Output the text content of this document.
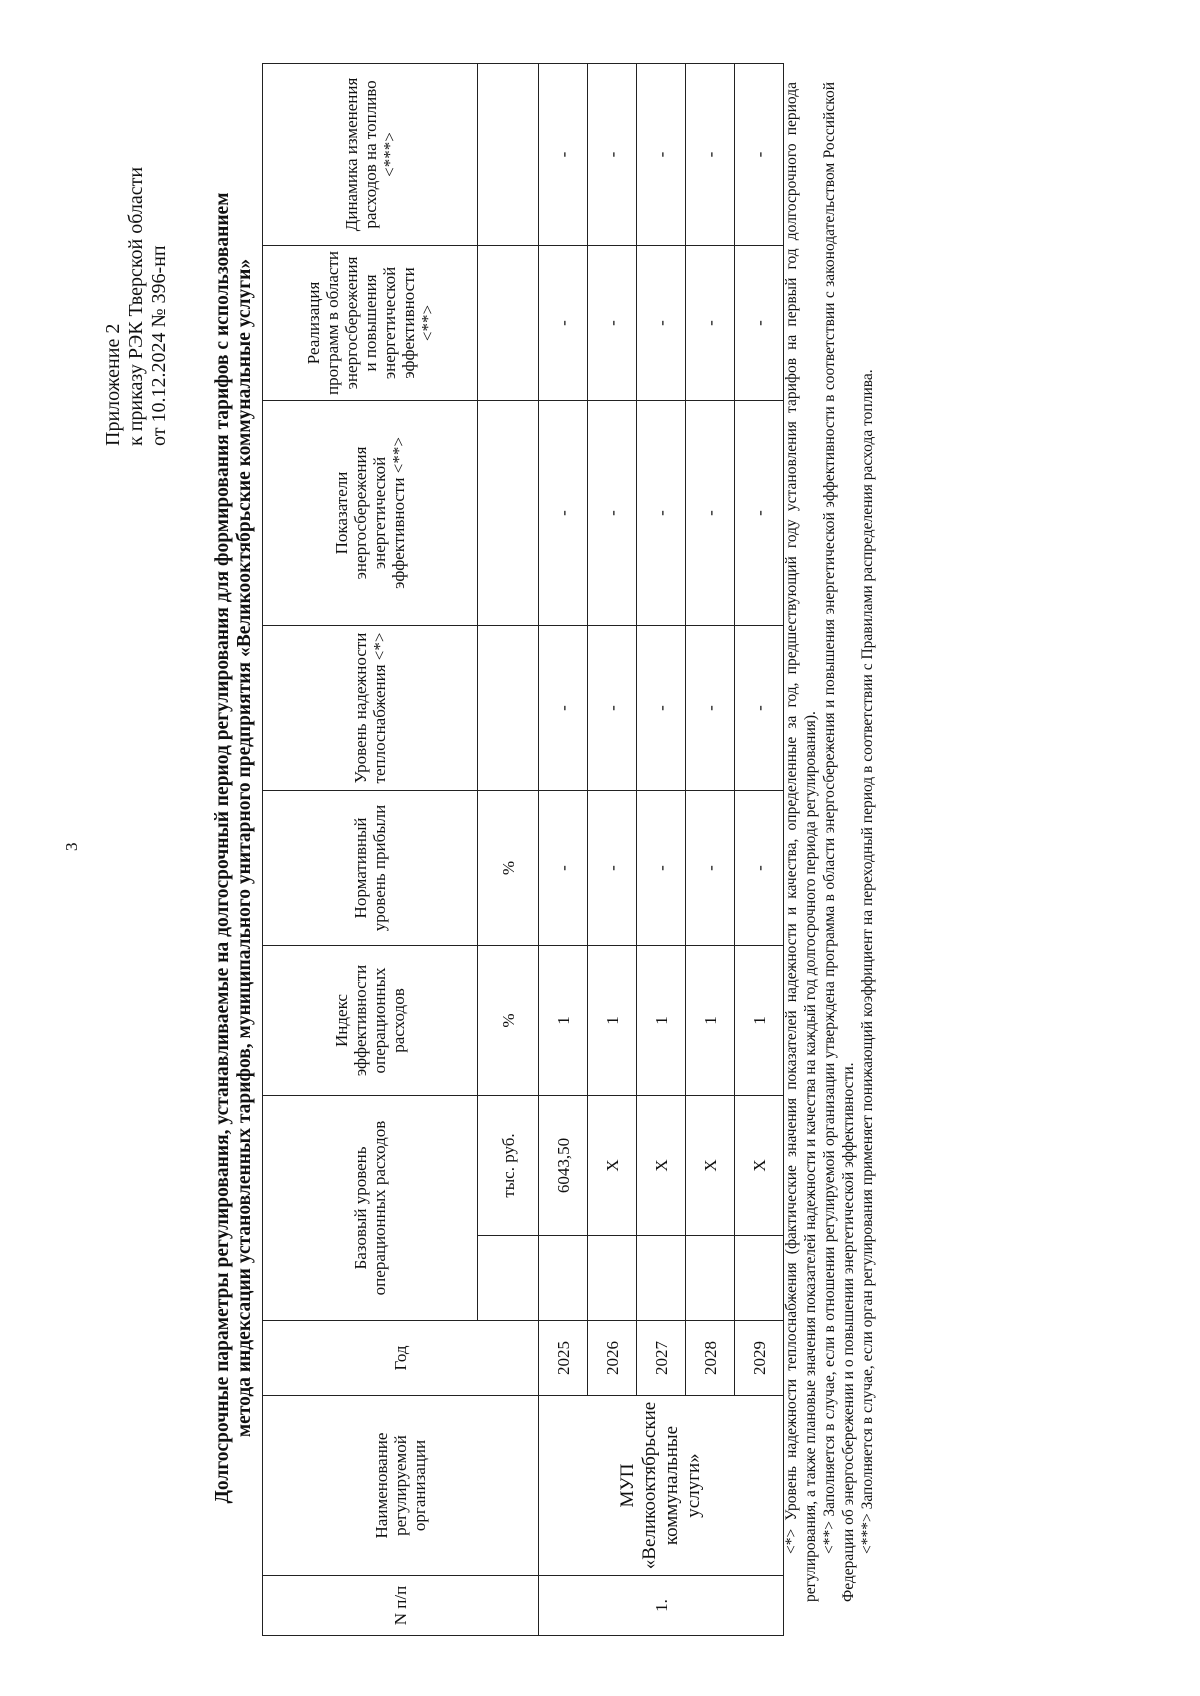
3
Приложение 2 к приказу РЭК Тверской области от 10.12.2024 № 396-нп Долгосрочные параметры регулирования, устанавливаемые на долгосрочный период регулирования для формирования тарифов с использованием метода индексации установленных тарифов, муниципального унитарного предприятия «Великооктябрьские коммунальные услуги»
N п/п	Наименование регулируемой организации	Год	Базовый уровень операционных расходов		Индекс эффективности операционных расходов	Нормативный уровень прибыли	Уровень надежности теплоснабжения <*>	Показатели энергосбережения энергетической эффективности <**>	Реализация программ в области энергосбережения и повышения энергетической эффективности <**>	Динамика изменения расходов на топливо <***>
				тыс. руб.	%	%				
1.	МУП «Великооктябрьские коммунальные услуги»	2025		6043,50	1	-	-	-	-	-
		2026		X	1	-	-	-	-	-
		2027		X	1	-	-	-	-	-
		2028		X	1	-	-	-	-	-
		2029		X	1	-	-	-	-	- <*> Уровень надежности теплоснабжения (фактические значения показателей надежности и качества, определенные за год, предшествующий году установления тарифов на первый год долгосрочного периода регулирования, а также плановые значения показателей надежности и качества на каждый год долгосрочного периода регулирования). <**> Заполняется в случае, если в отношении регулируемой организации утверждена программа в области энергосбережения и повышения энергетической эффективности в соответствии с законодательством Российской Федерации об энергосбережении и о повышении энергетической эффективности. <***> Заполняется в случае, если орган регулирования применяет понижающий коэффициент на переходный период в соответствии с Правилами распределения расхода топлива.
